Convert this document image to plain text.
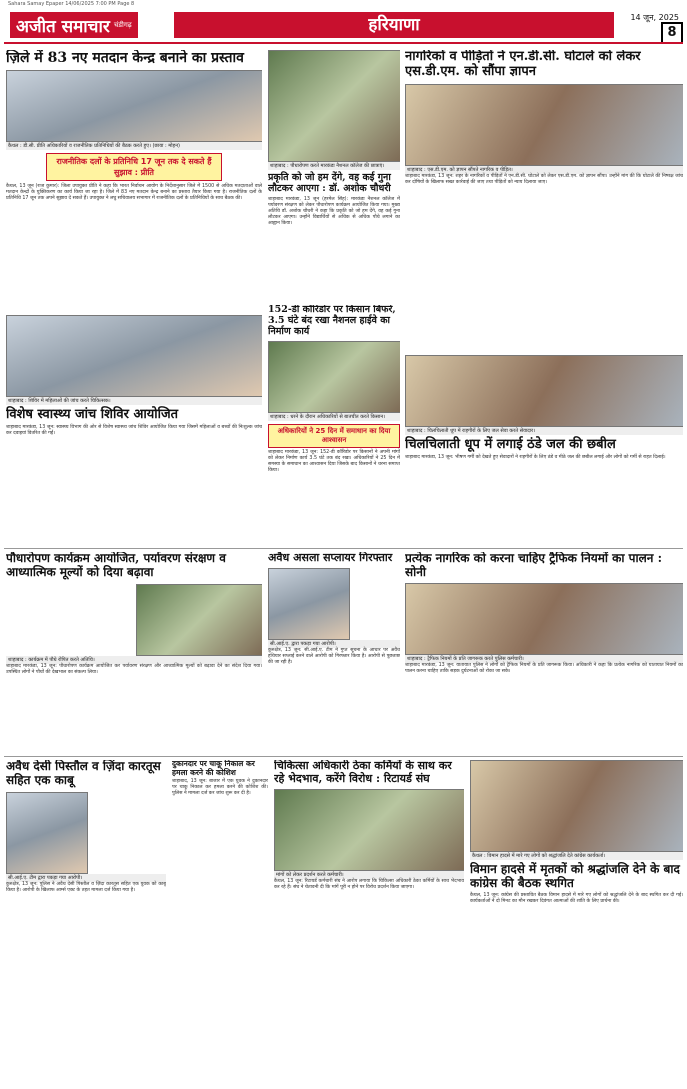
Sahara Samay Epaper 14/06/2025 7:00 PM Page 8
अजीत समाचार चंडीगढ़	हरियाणा	14 जून, 2025
8
ज़िले में 83 नए मतदान केन्द्र बनाने का प्रस्ताव
कैथल : डी.सी. प्रीति अधिकारियों व राजनीतिक प्रतिनिधियों की बैठक करते हुए। (छाया : मोहन)
राजनीतिक दलों के प्रतिनिधि 17 जून तक दे सकते हैं सुझाव : प्रीति
कैथल, 13 जून (राज कुमार): जिला उपायुक्त प्रीति ने कहा कि भारत निर्वाचन आयोग के निर्देशानुसार जिले में 1500 से अधिक मतदाताओं वाले मतदान केन्द्रों के युक्तिकरण का कार्य किया जा रहा है। जिले में 83 नए मतदान केन्द्र बनाने का प्रस्ताव तैयार किया गया है। राजनीतिक दलों के प्रतिनिधि 17 जून तक अपने सुझाव दे सकते हैं। उपायुक्त ने लघु सचिवालय सभागार में राजनीतिक दलों के प्रतिनिधियों के साथ बैठक की।
शाहाबाद : पौधारोपण करते मारकंडा नैशनल कॉलेज की छात्राएं।
प्रकृति को जो हम देंगे, वह कई गुना लौटकर आएगा : डॉ. अशोक चौधरी
शाहाबाद मारकंडा, 13 जून (हरमेल सिंह): मारकंडा नैशनल कॉलेज में पर्यावरण संरक्षण को लेकर पौधारोपण कार्यक्रम आयोजित किया गया। मुख्य अतिथि डॉ. अशोक चौधरी ने कहा कि प्रकृति को जो हम देंगे, वह कई गुना लौटकर आएगा। उन्होंने विद्यार्थियों से अधिक से अधिक पौधे लगाने का आह्वान किया।
नागरिकों व पीड़ितों ने एन.डी.सी. घोटाले को लेकर एस.डी.एम. को सौंपा ज्ञापन
शाहाबाद : एस.डी.एम. को ज्ञापन सौंपते नागरिक व पीड़ित।
शाहाबाद मारकंडा, 13 जून: शहर के नागरिकों व पीड़ितों ने एन.डी.सी. घोटाले को लेकर एस.डी.एम. को ज्ञापन सौंपा। उन्होंने मांग की कि घोटाले की निष्पक्ष जांच कर दोषियों के खिलाफ सख्त कार्रवाई की जाए तथा पीड़ितों को न्याय दिलाया जाए।
शाहाबाद : शिविर में महिलाओं की जांच करते चिकित्सक।
विशेष स्वास्थ्य जांच शिविर आयोजित
शाहाबाद मारकंडा, 13 जून: स्वास्थ्य विभाग की ओर से विशेष स्वास्थ्य जांच शिविर आयोजित किया गया जिसमें महिलाओं व बच्चों की निःशुल्क जांच कर दवाइयां वितरित की गईं।
152-डी कॉरिडोर पर किसान बिफरे, 3.5 घंटे बंद रखा नैशनल हाईवे का निर्माण कार्य
शाहाबाद : धरने के दौरान अधिकारियों से बातचीत करते किसान।
अधिकारियों ने 25 दिन में समाधान का दिया आश्वासन
शाहाबाद मारकंडा, 13 जून: 152-डी कॉरिडोर पर किसानों ने अपनी मांगों को लेकर निर्माण कार्य 3.5 घंटे तक बंद रखा। अधिकारियों ने 25 दिन में समस्या के समाधान का आश्वासन दिया जिसके बाद किसानों ने धरना समाप्त किया।
शाहाबाद : चिलचिलाती धूप में राहगीरों के लिए जल सेवा करते सेवादार।
चिलचिलाती धूप में लगाई ठंडे जल की छबील
शाहाबाद मारकंडा, 13 जून: भीषण गर्मी को देखते हुए सेवादारों ने राहगीरों के लिए ठंडे व मीठे जल की छबील लगाई और लोगों को गर्मी से राहत दिलाई।
पौधारोपण कार्यक्रम आयोजित, पर्यावरण संरक्षण व आध्यात्मिक मूल्यों को दिया बढ़ावा
शाहाबाद : कार्यक्रम में पौधे रोपित करते अतिथि।
शाहाबाद मारकंडा, 13 जून: पौधारोपण कार्यक्रम आयोजित कर पर्यावरण संरक्षण और आध्यात्मिक मूल्यों को बढ़ावा देने का संदेश दिया गया। उपस्थित लोगों ने पौधों की देखभाल का संकल्प लिया।
अवैध असला सप्लायर गिरफ्तार
सी.आई.ए. द्वारा पकड़ा गया आरोपी।
कुरुक्षेत्र, 13 जून: सी.आई.ए. टीम ने गुप्त सूचना के आधार पर अवैध हथियार सप्लाई करने वाले आरोपी को गिरफ्तार किया है। आरोपी से पूछताछ की जा रही है।
प्रत्येक नागरिक को करना चाहिए ट्रैफिक नियमों का पालन : सोनी
शाहाबाद : ट्रैफिक नियमों के प्रति जागरूक करते पुलिस कर्मचारी।
शाहाबाद मारकंडा, 13 जून: यातायात पुलिस ने लोगों को ट्रैफिक नियमों के प्रति जागरूक किया। अधिकारी ने कहा कि प्रत्येक नागरिक को यातायात नियमों का पालन करना चाहिए ताकि सड़क दुर्घटनाओं को रोका जा सके।
अवैध देसी पिस्तौल व ज़िंदा कारतूस सहित एक काबू
सी.आई.ए. टीम द्वारा पकड़ा गया आरोपी।
कुरुक्षेत्र, 13 जून: पुलिस ने अवैध देसी पिस्तौल व ज़िंदा कारतूस सहित एक युवक को काबू किया है। आरोपी के खिलाफ आर्म्स एक्ट के तहत मामला दर्ज किया गया है।
दुकानदार पर चाकू निकाल कर हमला करने की कोशिश
शाहाबाद, 13 जून: बाजार में एक युवक ने दुकानदार पर चाकू निकाल कर हमला करने की कोशिश की। पुलिस ने मामला दर्ज कर जांच शुरू कर दी है।
चिकित्सा अधिकारी ठेका कर्मियों के साथ कर रहे भेदभाव, करेंगे विरोध : रिटायर्ड संघ
मांगों को लेकर प्रदर्शन करते कर्मचारी।
कैथल, 13 जून: रिटायर्ड कर्मचारी संघ ने आरोप लगाया कि चिकित्सा अधिकारी ठेका कर्मियों के साथ भेदभाव कर रहे हैं। संघ ने चेतावनी दी कि मांगें पूरी न होने पर विरोध प्रदर्शन किया जाएगा।
कैथल : विमान हादसे में मारे गए लोगों को श्रद्धांजलि देते कांग्रेस कार्यकर्ता।
विमान हादसे में मृतकों को श्रद्धांजलि देने के बाद कांग्रेस की बैठक स्थगित
कैथल, 13 जून: कांग्रेस की प्रस्तावित बैठक विमान हादसे में मारे गए लोगों को श्रद्धांजलि देने के बाद स्थगित कर दी गई। कार्यकर्ताओं ने दो मिनट का मौन रखकर दिवंगत आत्माओं की शांति के लिए प्रार्थना की।
